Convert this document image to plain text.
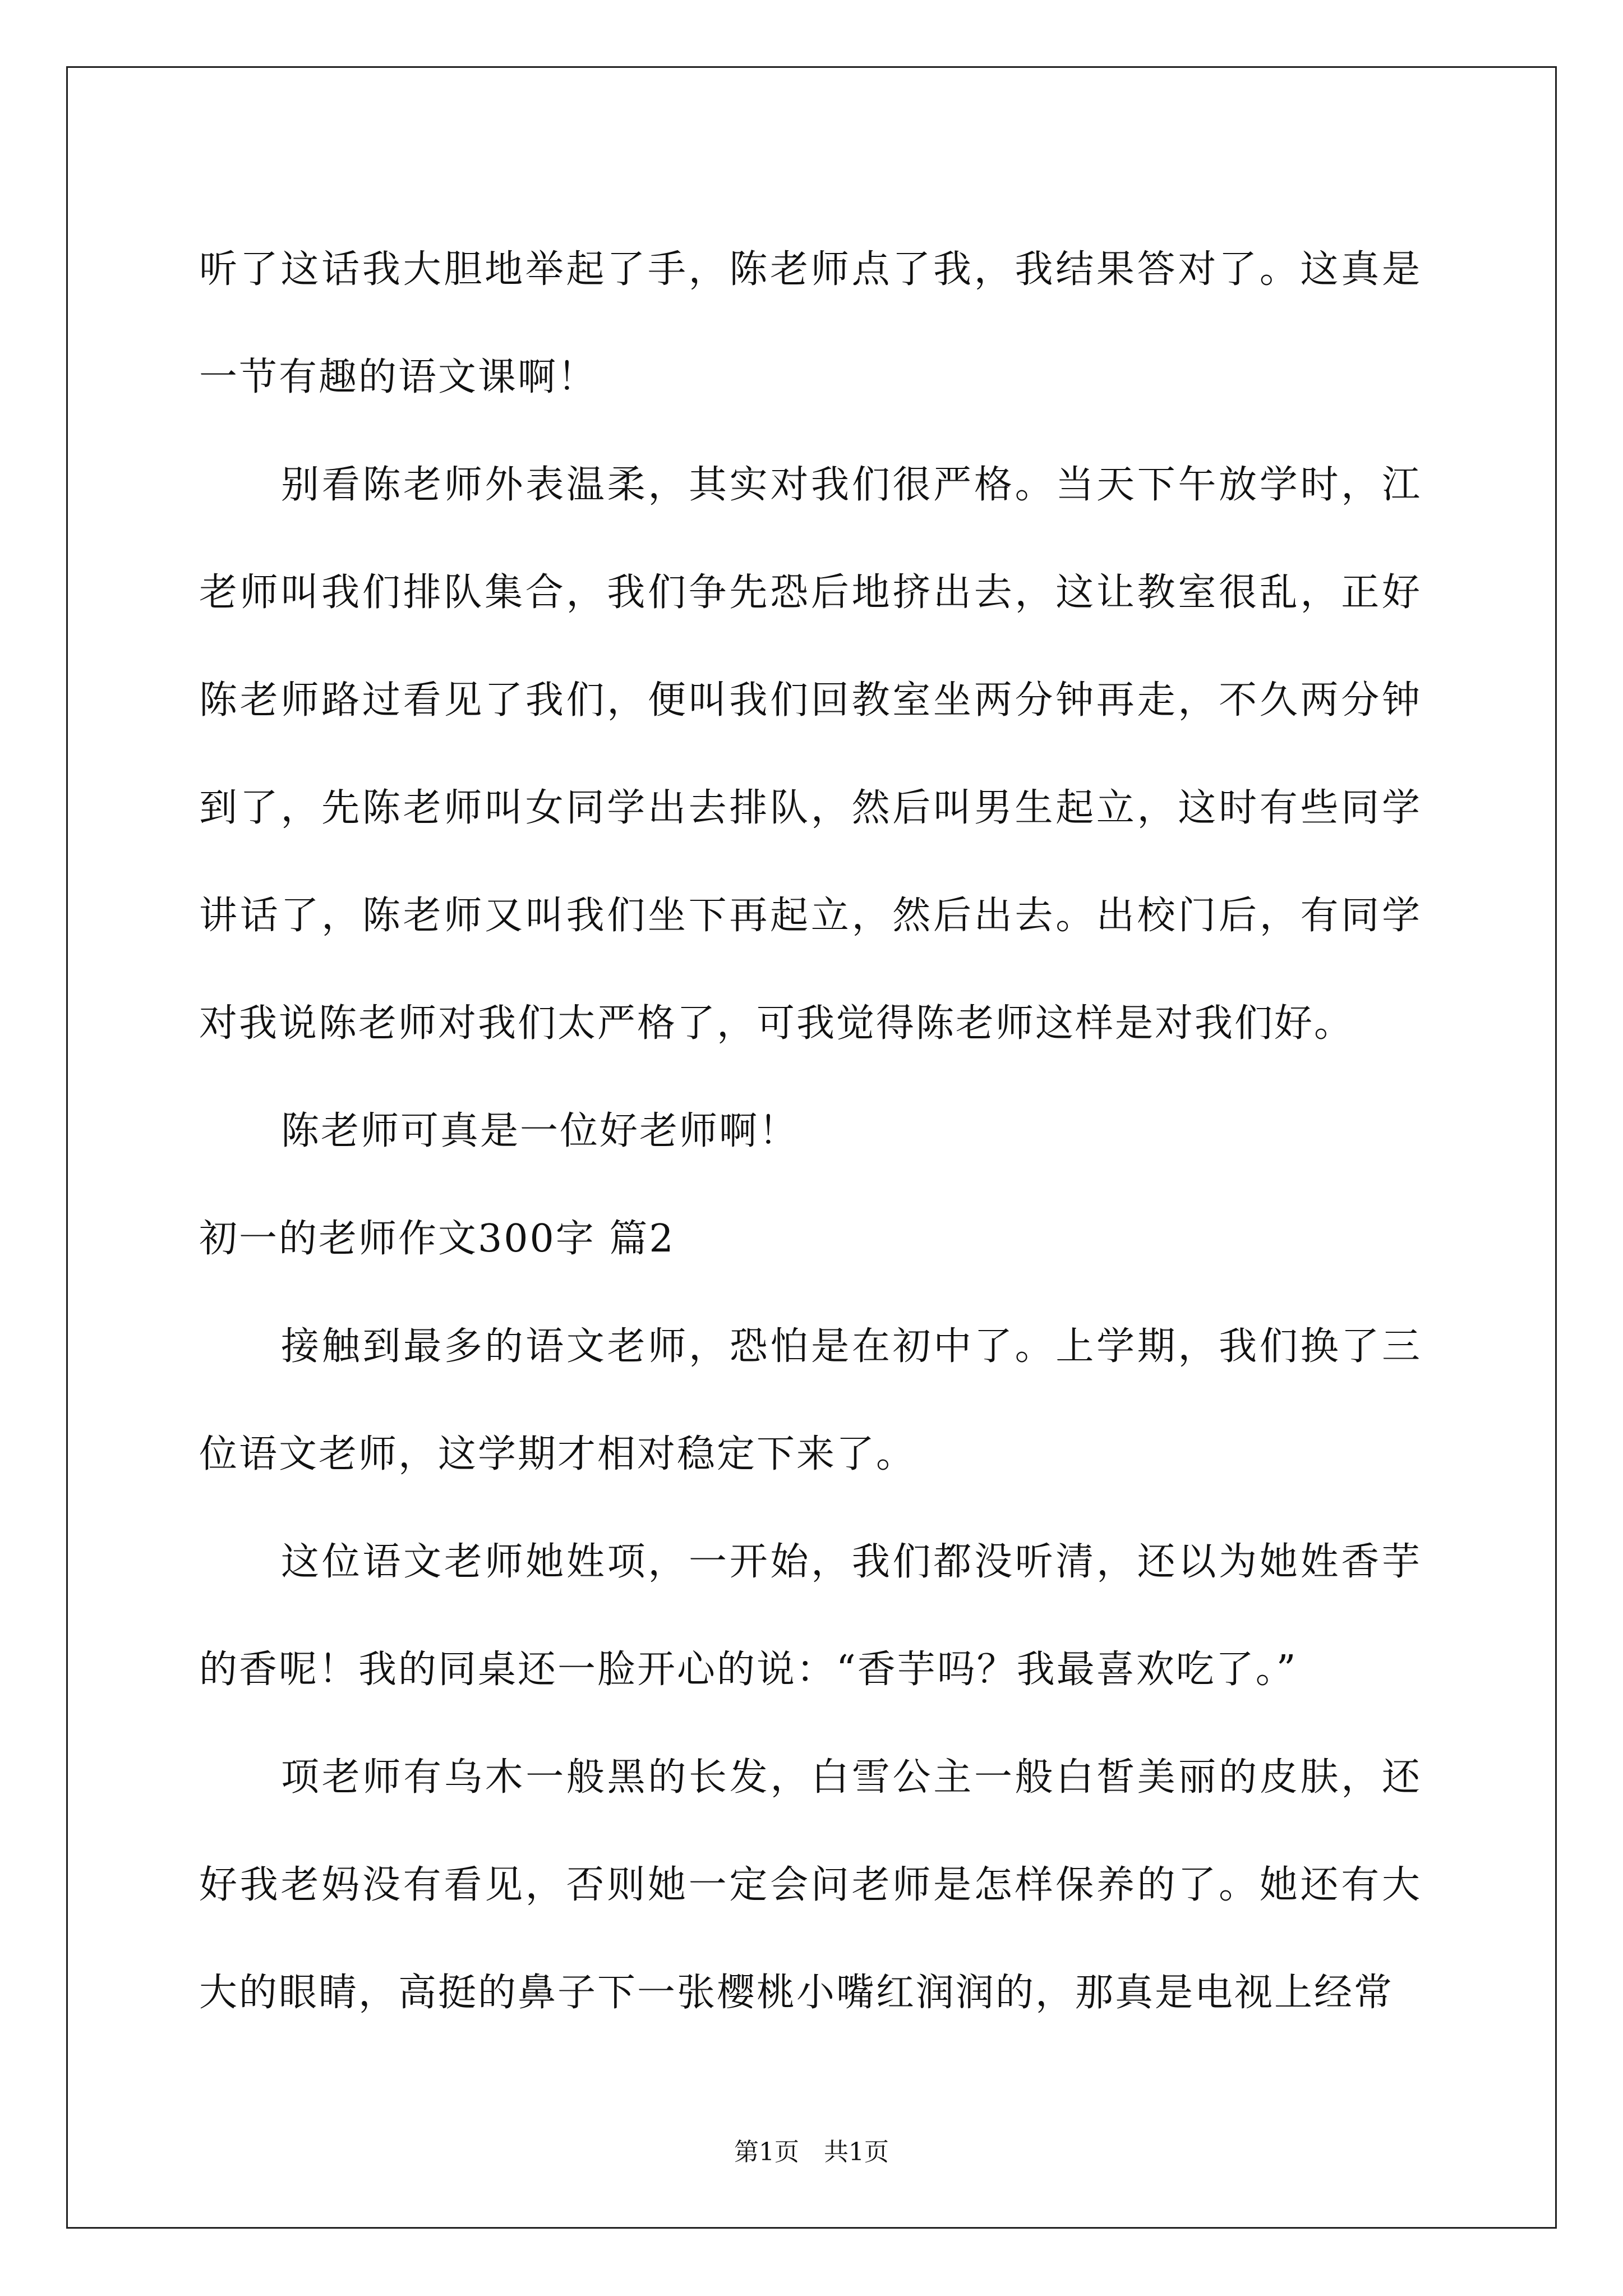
听了这话我大胆地举起了手，陈老师点了我，我结果答对了。这真是一节有趣的语文课啊！

别看陈老师外表温柔，其实对我们很严格。当天下午放学时，江老师叫我们排队集合，我们争先恐后地挤出去，这让教室很乱，正好陈老师路过看见了我们，便叫我们回教室坐两分钟再走，不久两分钟到了，先陈老师叫女同学出去排队，然后叫男生起立，这时有些同学讲话了，陈老师又叫我们坐下再起立，然后出去。出校门后，有同学对我说陈老师对我们太严格了，可我觉得陈老师这样是对我们好。

陈老师可真是一位好老师啊！

初一的老师作文300字 篇2

接触到最多的语文老师，恐怕是在初中了。上学期，我们换了三位语文老师，这学期才相对稳定下来了。

这位语文老师她姓项，一开始，我们都没听清，还以为她姓香芋的香呢！我的同桌还一脸开心的说：“香芋吗？我最喜欢吃了。”

项老师有乌木一般黑的长发，白雪公主一般白皙美丽的皮肤，还好我老妈没有看见，否则她一定会问老师是怎样保养的了。她还有大大的眼睛，高挺的鼻子下一张樱桃小嘴红润润的，那真是电视上经常

第1页　共1页
